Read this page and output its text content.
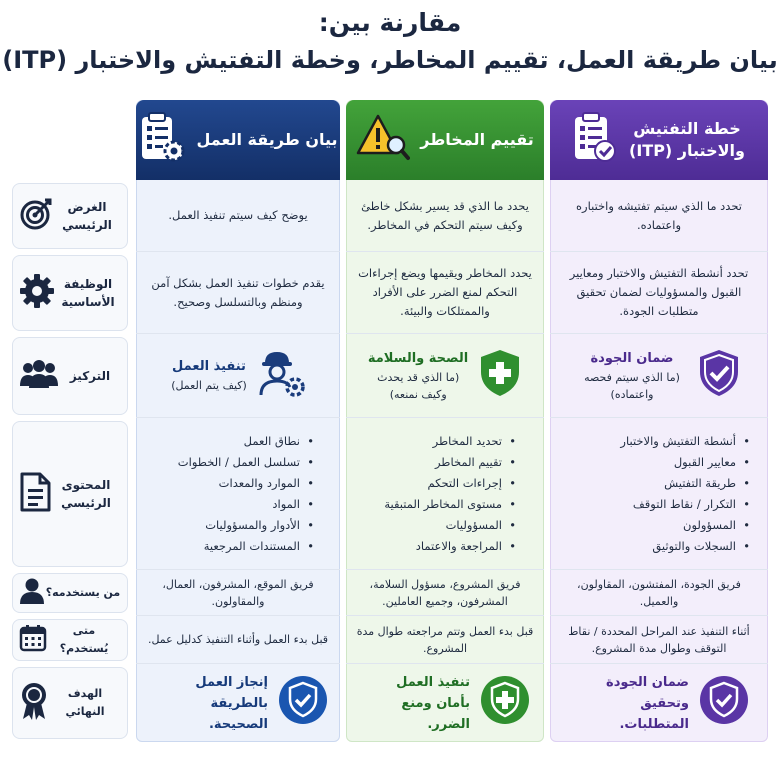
مقارنة بين:
بيان طريقة العمل، تقييم المخاطر، وخطة التفتيش والاختبار (ITP)
خطة التفتيش والاختبار (ITP)
تقييم المخاطر
بيان طريقة العمل
الغرض الرئيسي
تحدد ما الذي سيتم تفتيشه واختباره واعتماده.
يحدد ما الذي قد يسير بشكل خاطئ وكيف سيتم التحكم في المخاطر.
يوضح كيف سيتم تنفيذ العمل.
الوظيفة الأساسية
تحدد أنشطة التفتيش والاختبار ومعايير القبول والمسؤوليات لضمان تحقيق متطلبات الجودة.
يحدد المخاطر ويقيمها ويضع إجراءات التحكم لمنع الضرر على الأفراد والممتلكات والبيئة.
يقدم خطوات تنفيذ العمل بشكل آمن ومنظم وبالتسلسل وصحيح.
التركيز
ضمان الجودة
(ما الذي سيتم فحصه واعتماده)
الصحة والسلامة
(ما الذي قد يحدث وكيف نمنعه)
تنفيذ العمل
(كيف يتم العمل)
المحتوى الرئيسي
• أنشطة التفتيش والاختبار
• معايير القبول
• طريقة التفتيش
• التكرار / نقاط التوقف
• المسؤولون
• السجلات والتوثيق
• تحديد المخاطر
• تقييم المخاطر
• إجراءات التحكم
• مستوى المخاطر المتبقية
• المسؤوليات
• المراجعة والاعتماد
• نطاق العمل
• تسلسل العمل / الخطوات
• الموارد والمعدات
• المواد
• الأدوار والمسؤوليات
• المستندات المرجعية
من يستخدمه؟
فريق الجودة، المفتشون، المقاولون، والعميل.
فريق المشروع، مسؤول السلامة، المشرفون، وجميع العاملين.
فريق الموقع، المشرفون، العمال، والمقاولون.
متى يُستخدم؟
أثناء التنفيذ عند المراحل المحددة / نقاط التوقف وطوال مدة المشروع.
قبل بدء العمل وتتم مراجعته طوال مدة المشروع.
قبل بدء العمل وأثناء التنفيذ كدليل عمل.
الهدف النهائي
ضمان الجودة وتحقيق المتطلبات.
تنفيذ العمل بأمان ومنع الضرر.
إنجاز العمل بالطريقة الصحيحة.
